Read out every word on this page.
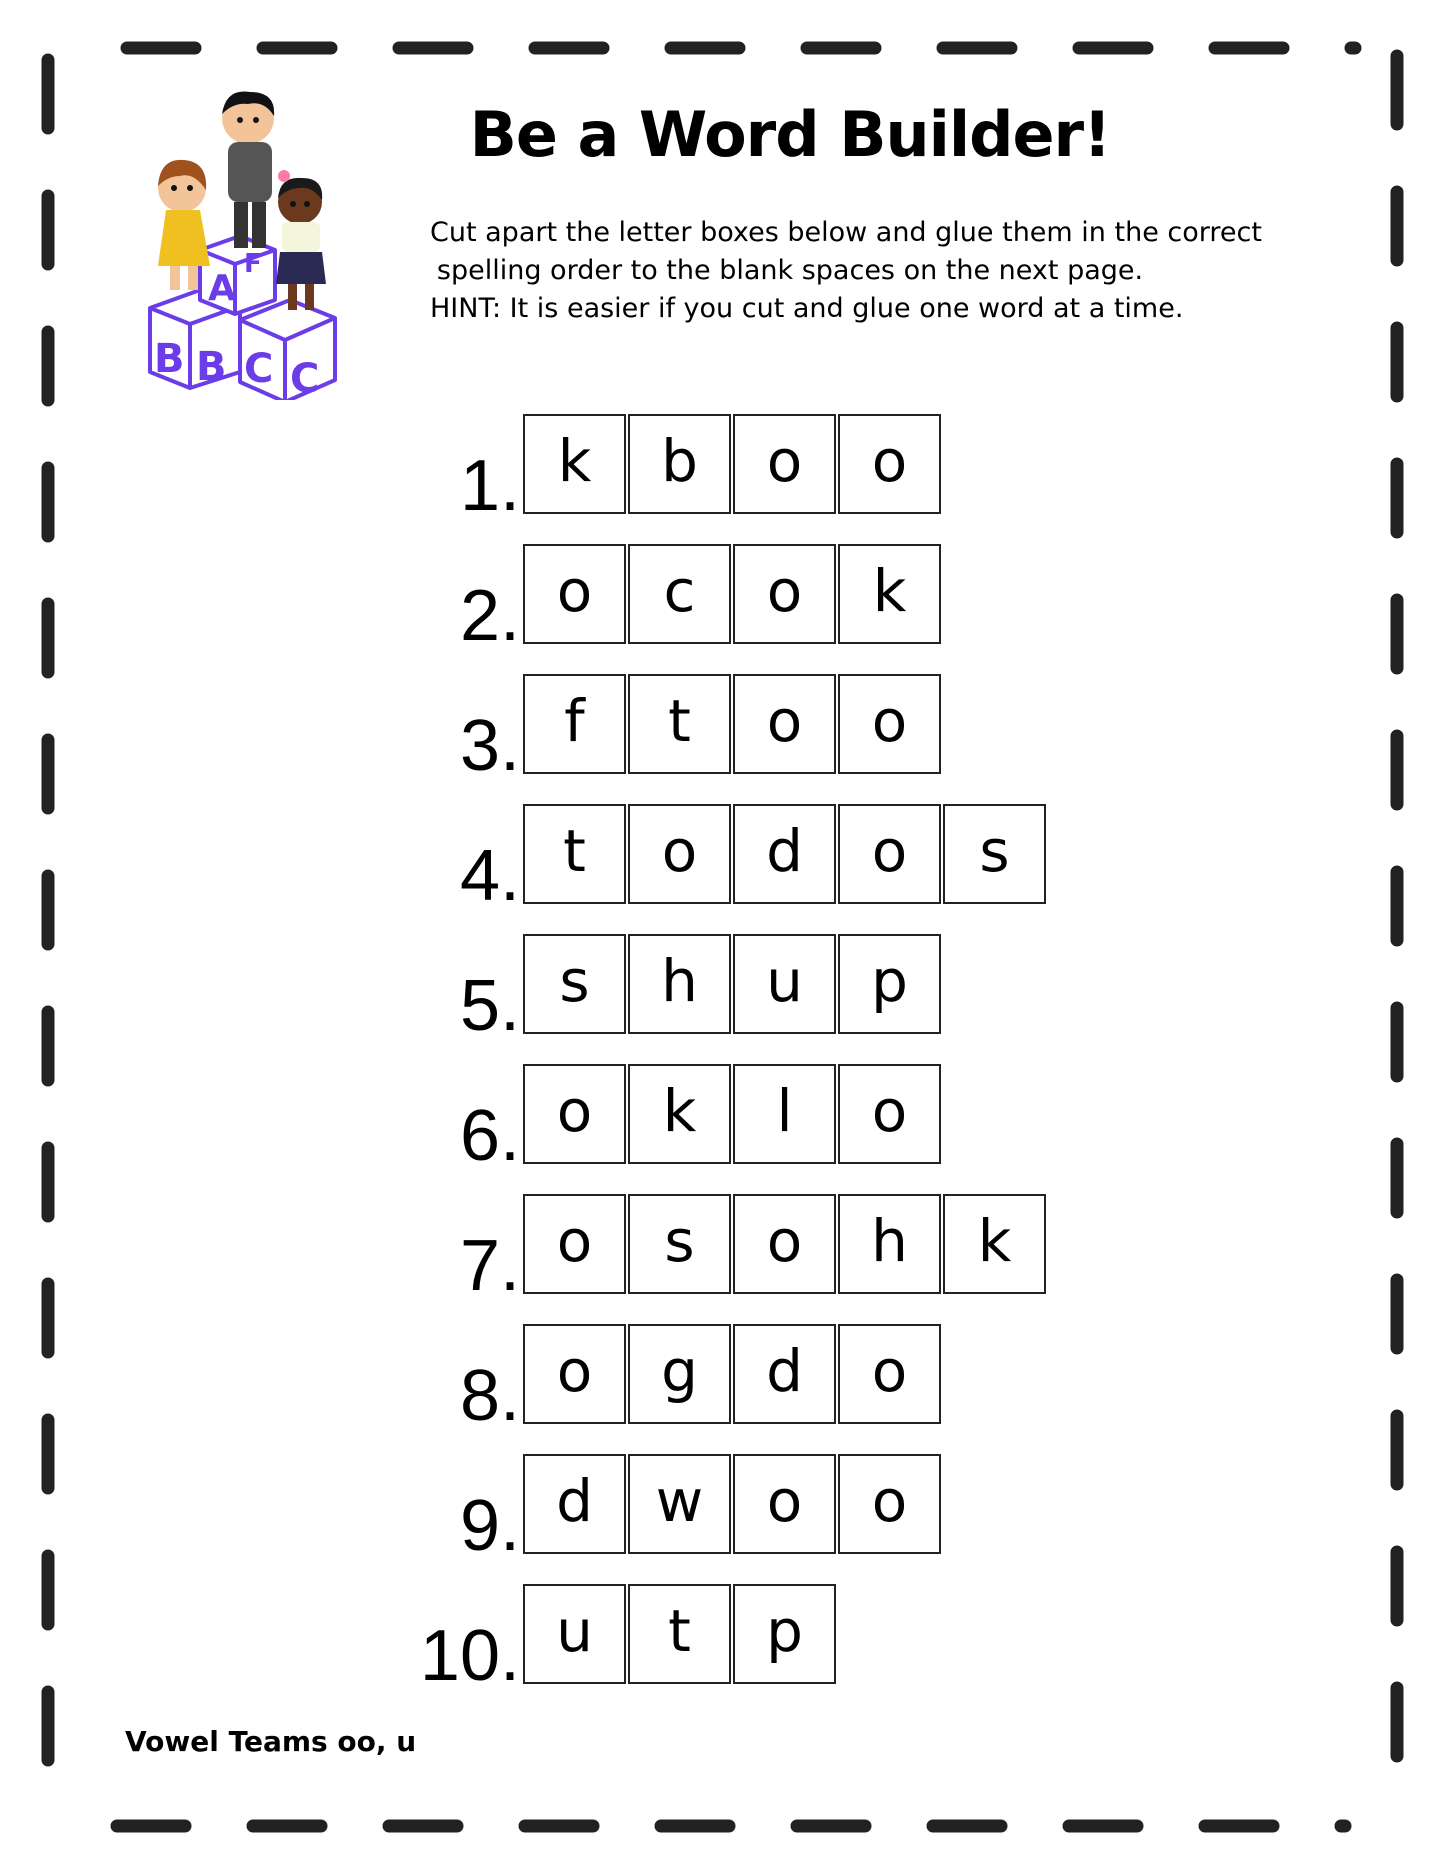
B B C C
A
F
Be a Word Builder!
Cut apart the letter boxes below and glue them in the correct
spelling order to the blank spaces on the next page.
HINT: It is easier if you cut and glue one word at a time.
1. k	b	o	o
2. o	c	o	k
3. f	t	o	o
4. t	o	d	o	s
5. s	h	u	p
6. o	k	l	o
7. o	s	o	h	k
8. o	g	d	o
9. d	w	o	o
10. u	t	p
Vowel Teams oo, u
